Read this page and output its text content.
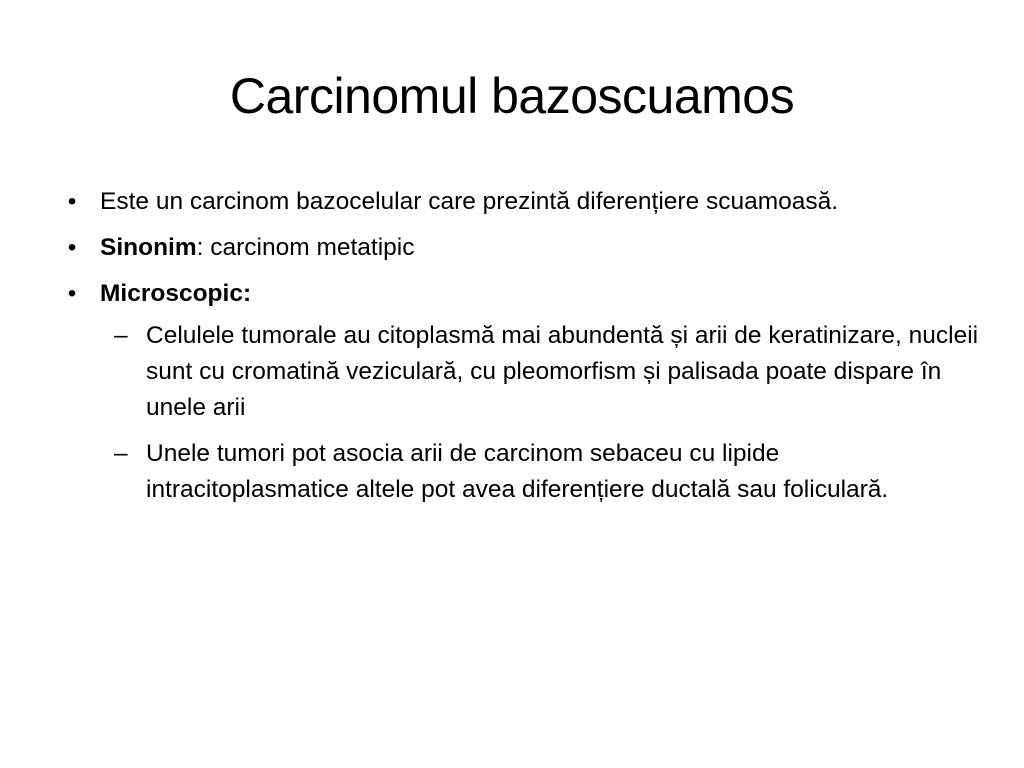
Carcinomul bazoscuamos
• Este un carcinom bazocelular care prezintă diferențiere scuamoasă.
• Sinonim: carcinom metatipic
• Microscopic:
– Celulele tumorale au citoplasmă mai abundentă și arii de keratinizare, nucleii sunt cu cromatină veziculară, cu pleomorfism și palisada poate dispare în unele arii
– Unele tumori pot asocia arii de carcinom sebaceu cu lipide intracitoplasmatice altele pot avea diferențiere ductală sau foliculară.
